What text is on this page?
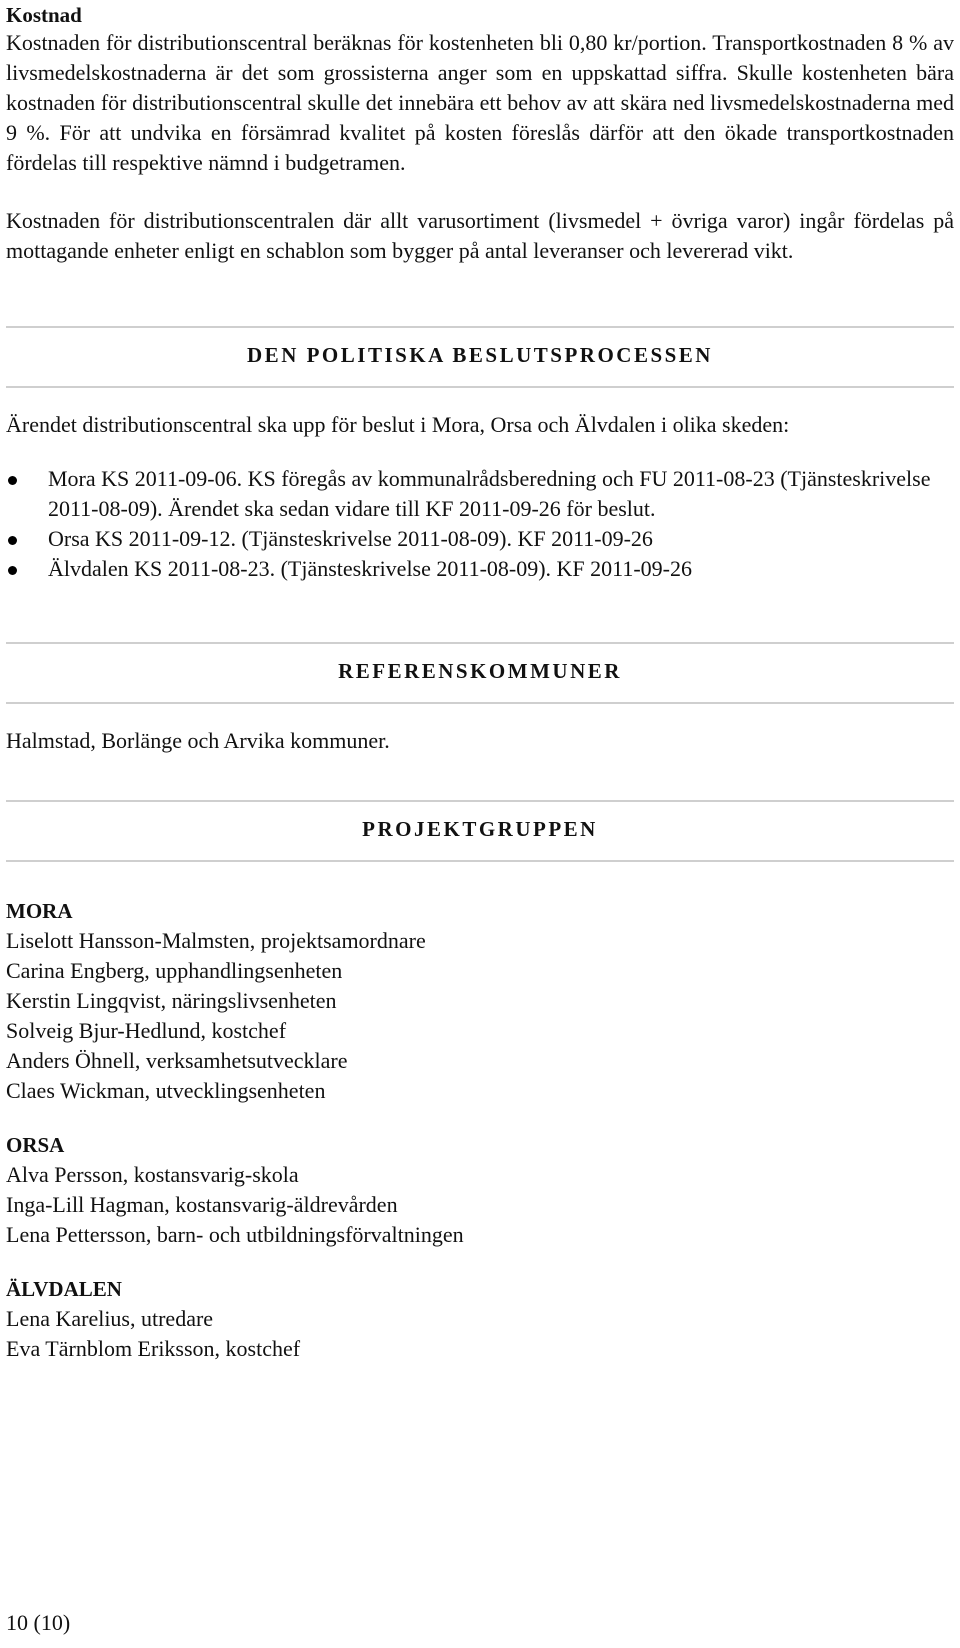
Kostnad

Kostnaden för distributionscentral beräknas för kostenheten bli 0,80 kr/portion. Transportkostnaden 8 % av livsmedelskostnaderna är det som grossisterna anger som en uppskattad siffra. Skulle kostenheten bära kostnaden för distributionscentral skulle det innebära ett behov av att skära ned livsmedelskostnaderna med 9 %. För att undvika en försämrad kvalitet på kosten föreslås därför att den ökade transportkostnaden fördelas till respektive nämnd i budgetramen.

Kostnaden för distributionscentralen där allt varusortiment (livsmedel + övriga varor) ingår fördelas på mottagande enheter enligt en schablon som bygger på antal leveranser och levererad vikt.

DEN POLITISKA BESLUTSPROCESSEN

Ärendet distributionscentral ska upp för beslut i Mora, Orsa och Älvdalen i olika skeden:

Mora KS 2011-09-06. KS föregås av kommunalrådsberedning och FU 2011-08-23 (Tjänsteskrivelse 2011-08-09). Ärendet ska sedan vidare till KF 2011-09-26 för beslut.
Orsa KS 2011-09-12. (Tjänsteskrivelse 2011-08-09). KF 2011-09-26
Älvdalen KS 2011-08-23. (Tjänsteskrivelse 2011-08-09). KF 2011-09-26
REFERENSKOMMUNER

Halmstad, Borlänge och Arvika kommuner.

PROJEKTGRUPPEN
MORA

Liselott Hansson-Malmsten, projektsamordnare

Carina Engberg, upphandlingsenheten

Kerstin Lingqvist, näringslivsenheten

Solveig Bjur-Hedlund, kostchef

Anders Öhnell, verksamhetsutvecklare

Claes Wickman, utvecklingsenheten

ORSA

Alva Persson, kostansvarig-skola

Inga-Lill Hagman, kostansvarig-äldrevården

Lena Pettersson, barn- och utbildningsförvaltningen

ÄLVDALEN

Lena Karelius, utredare

Eva Tärnblom Eriksson, kostchef

10 (10)
